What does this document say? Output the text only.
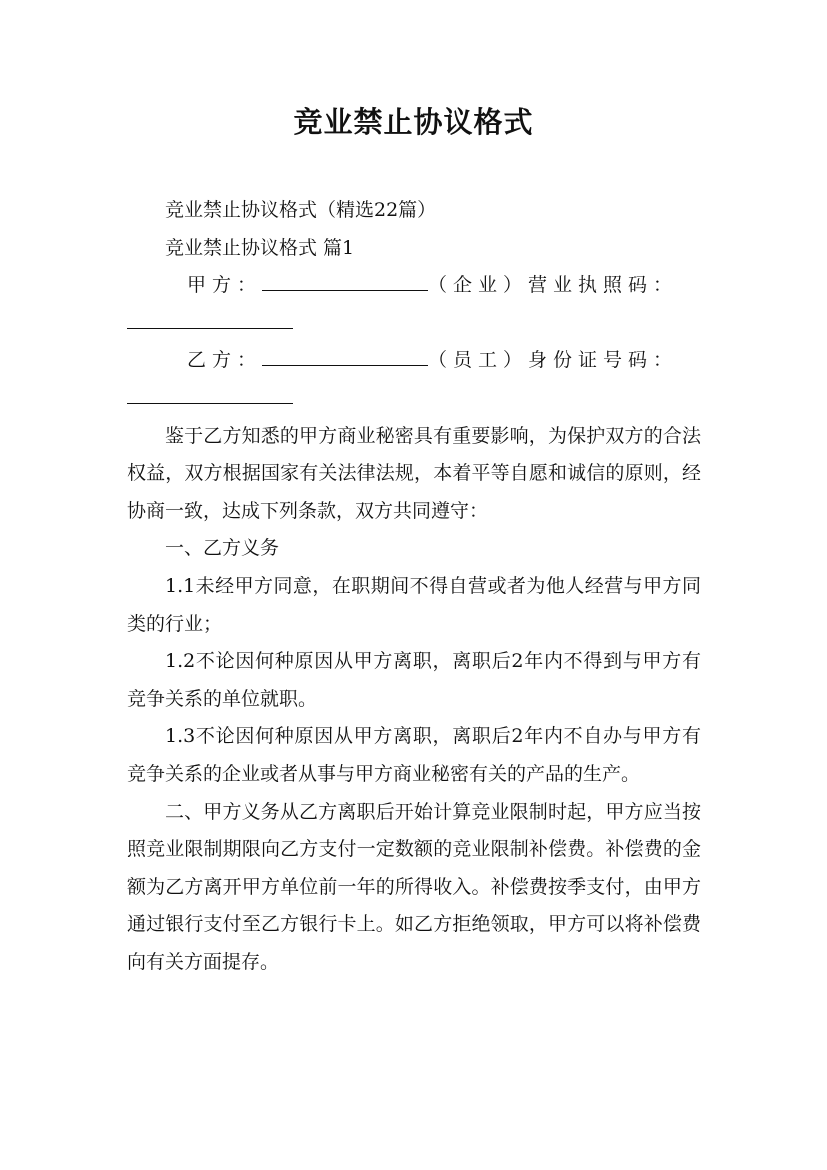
竞业禁止协议格式

竞业禁止协议格式（精选22篇）

竞业禁止协议格式 篇1

甲方：	（企业）营业执照码：

乙方：	（员工）身份证号码：

鉴于乙方知悉的甲方商业秘密具有重要影响，为保护双方的合法权益，双方根据国家有关法律法规，本着平等自愿和诚信的原则，经协商一致，达成下列条款，双方共同遵守：

一、乙方义务

1.1未经甲方同意，在职期间不得自营或者为他人经营与甲方同类的行业；

1.2不论因何种原因从甲方离职，离职后2年内不得到与甲方有竞争关系的单位就职。

1.3不论因何种原因从甲方离职，离职后2年内不自办与甲方有竞争关系的企业或者从事与甲方商业秘密有关的产品的生产。

二、甲方义务从乙方离职后开始计算竞业限制时起，甲方应当按照竞业限制期限向乙方支付一定数额的竞业限制补偿费。补偿费的金额为乙方离开甲方单位前一年的所得收入。补偿费按季支付，由甲方通过银行支付至乙方银行卡上。如乙方拒绝领取，甲方可以将补偿费向有关方面提存。
